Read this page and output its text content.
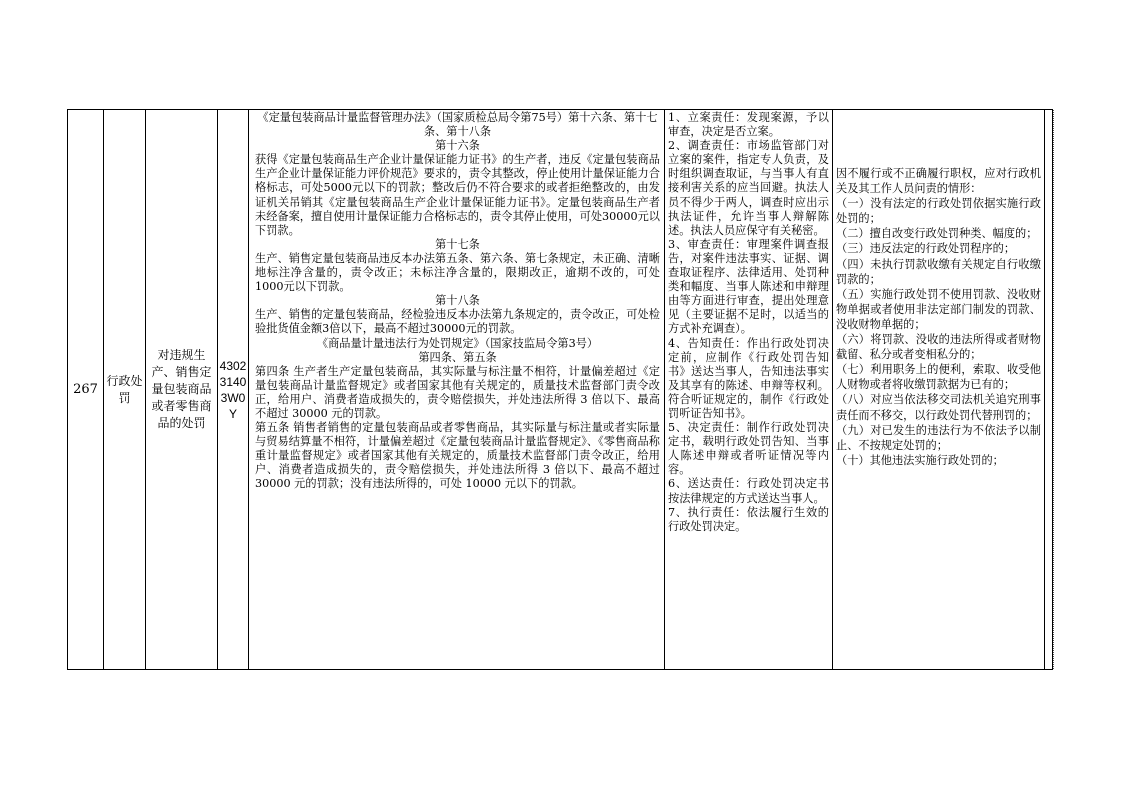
267
行政处罚
对违规生产、销售定量包装商品或者零售商品的处罚
43023140 3W0Y
《定量包装商品计量监督管理办法》（国家质检总局令第75号）第十六条、第十七条、第十八条
第十六条
获得《定量包装商品生产企业计量保证能力证书》的生产者，违反《定量包装商品生产企业计量保证能力评价规范》要求的，责令其整改，停止使用计量保证能力合格标志，可处5000元以下的罚款；整改后仍不符合要求的或者拒绝整改的，由发证机关吊销其《定量包装商品生产企业计量保证能力证书》。定量包装商品生产者未经备案，擅自使用计量保证能力合格标志的，责令其停止使用，可处30000元以下罚款。
第十七条
生产、销售定量包装商品违反本办法第五条、第六条、第七条规定，未正确、清晰地标注净含量的，责令改正；未标注净含量的，限期改正，逾期不改的，可处1000元以下罚款。
第十八条
生产、销售的定量包装商品，经检验违反本办法第九条规定的，责令改正，可处检验批货值金额3倍以下，最高不超过30000元的罚款。
《商品量计量违法行为处罚规定》（国家技监局令第3号）
第四条、第五条
第四条 生产者生产定量包装商品，其实际量与标注量不相符，计量偏差超过《定量包装商品计量监督规定》或者国家其他有关规定的，质量技术监督部门责令改正，给用户、消费者造成损失的，责令赔偿损失，并处违法所得 3 倍以下、最高不超过 30000 元的罚款。
第五条 销售者销售的定量包装商品或者零售商品，其实际量与标注量或者实际量与贸易结算量不相符，计量偏差超过《定量包装商品计量监督规定》、《零售商品称重计量监督规定》或者国家其他有关规定的，质量技术监督部门责令改正，给用户、消费者造成损失的，责令赔偿损失，并处违法所得 3 倍以下、最高不超过 30000 元的罚款；没有违法所得的，可处 10000 元以下的罚款。
1、立案责任：发现案源，予以审查，决定是否立案。
2、调查责任：市场监管部门对立案的案件，指定专人负责，及时组织调查取证，与当事人有直接利害关系的应当回避。执法人员不得少于两人，调查时应出示执法证件，允许当事人辩解陈述。执法人员应保守有关秘密。
3、审查责任：审理案件调查报告，对案件违法事实、证据、调查取证程序、法律适用、处罚种类和幅度、当事人陈述和申辩理由等方面进行审查，提出处理意见（主要证据不足时，以适当的方式补充调查）。
4、告知责任：作出行政处罚决定前，应制作《行政处罚告知书》送达当事人，告知违法事实及其享有的陈述、申辩等权利。符合听证规定的，制作《行政处罚听证告知书》。
5、决定责任：制作行政处罚决定书，载明行政处罚告知、当事人陈述申辩或者听证情况等内容。
6、送达责任：行政处罚决定书按法律规定的方式送达当事人。
7、执行责任：依法履行生效的行政处罚决定。
因不履行或不正确履行职权，应对行政机关及其工作人员问责的情形：
（一）没有法定的行政处罚依据实施行政处罚的；
（二）擅自改变行政处罚种类、幅度的；
（三）违反法定的行政处罚程序的；
（四）未执行罚款收缴有关规定自行收缴罚款的；
（五）实施行政处罚不使用罚款、没收财物单据或者使用非法定部门制发的罚款、没收财物单据的；
（六）将罚款、没收的违法所得或者财物截留、私分或者变相私分的；
（七）利用职务上的便利，索取、收受他人财物或者将收缴罚款据为已有的；
（八）对应当依法移交司法机关追究刑事责任而不移交，以行政处罚代替刑罚的；
（九）对已发生的违法行为不依法予以制止、不按规定处罚的；
（十）其他违法实施行政处罚的；
